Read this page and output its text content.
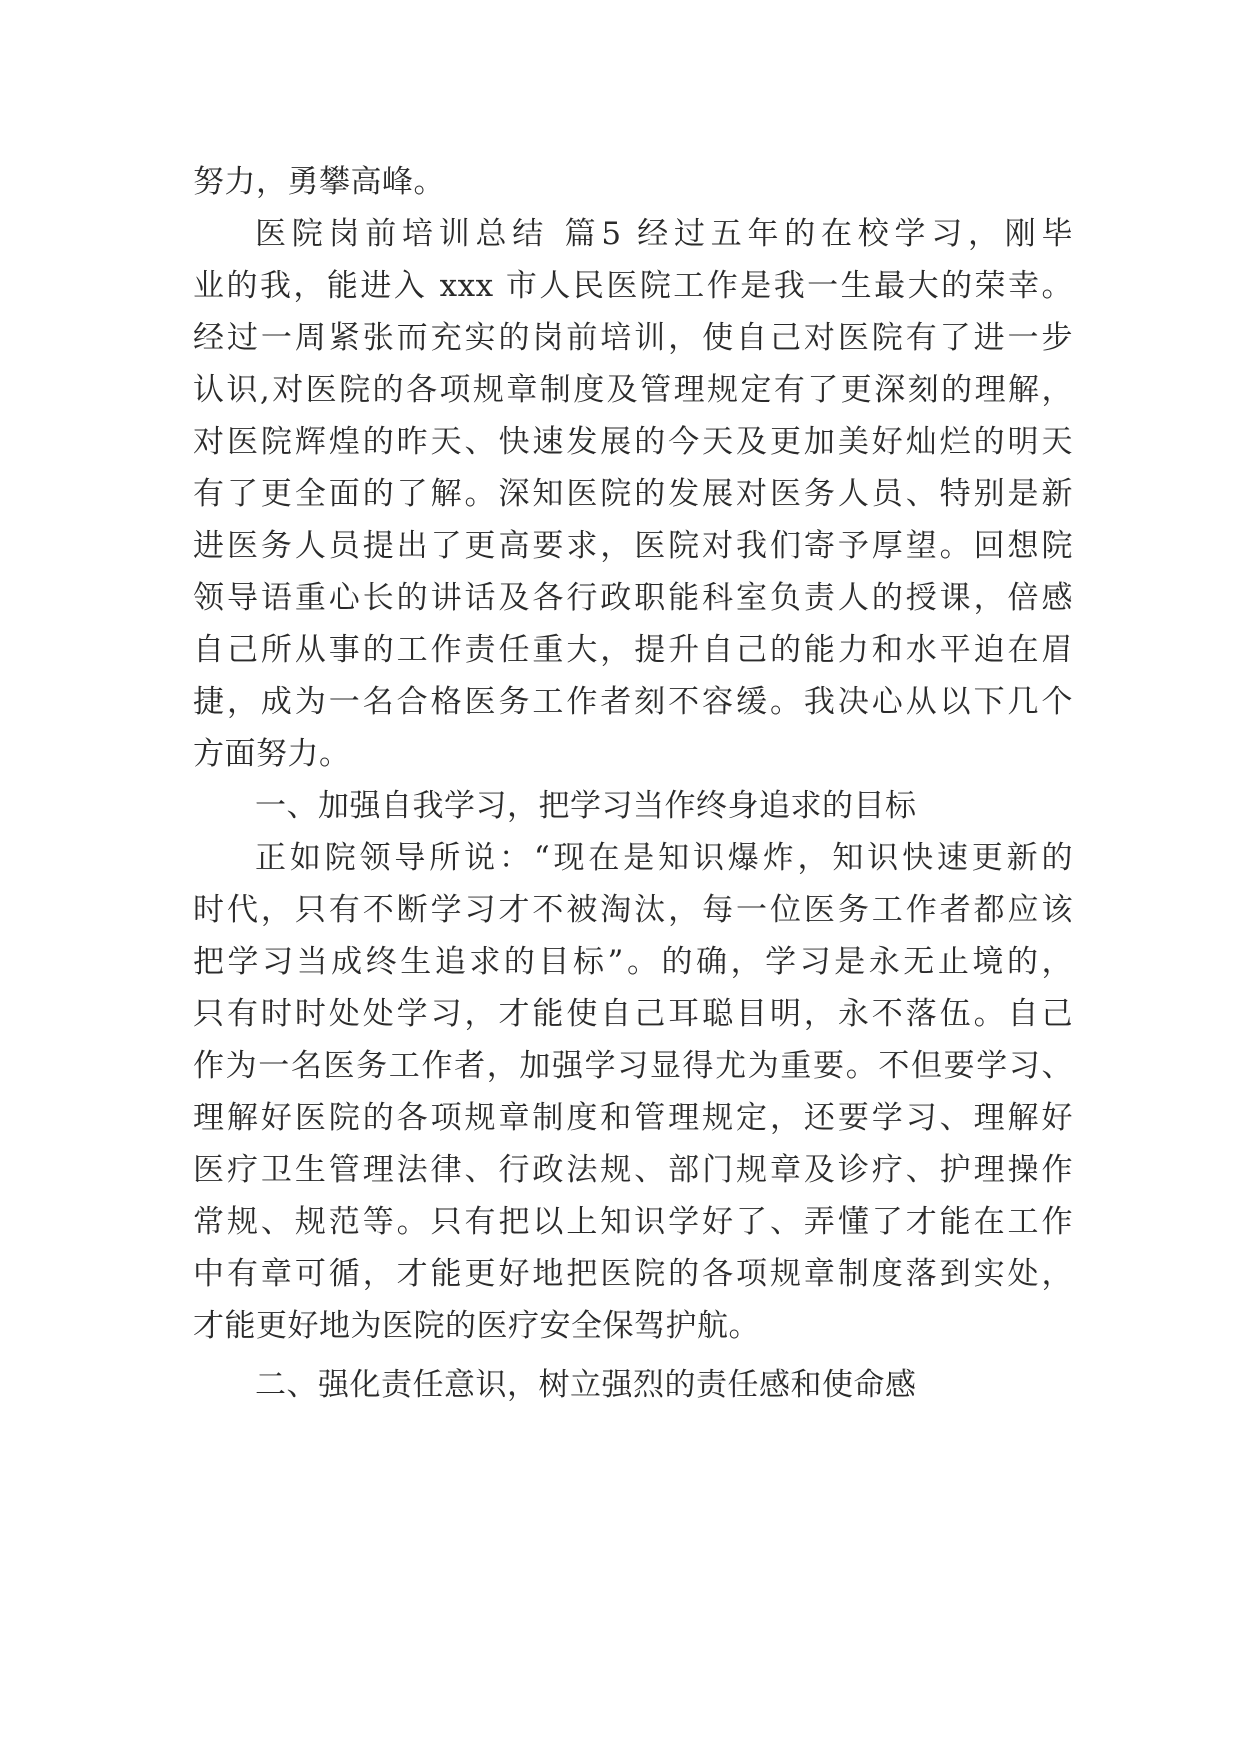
努力，勇攀高峰。
医院岗前培训总结 篇5 经过五年的在校学习，刚毕
业的我，能进入 xxx 市人民医院工作是我一生最大的荣幸。
经过一周紧张而充实的岗前培训，使自己对医院有了进一步
认识,对医院的各项规章制度及管理规定有了更深刻的理解，
对医院辉煌的昨天、快速发展的今天及更加美好灿烂的明天
有了更全面的了解。深知医院的发展对医务人员、特别是新
进医务人员提出了更高要求，医院对我们寄予厚望。回想院
领导语重心长的讲话及各行政职能科室负责人的授课，倍感
自己所从事的工作责任重大，提升自己的能力和水平迫在眉
捷，成为一名合格医务工作者刻不容缓。我决心从以下几个
方面努力。
一、加强自我学习，把学习当作终身追求的目标
正如院领导所说：“现在是知识爆炸，知识快速更新的
时代，只有不断学习才不被淘汰，每一位医务工作者都应该
把学习当成终生追求的目标”。的确，学习是永无止境的，
只有时时处处学习，才能使自己耳聪目明，永不落伍。自己
作为一名医务工作者，加强学习显得尤为重要。不但要学习、
理解好医院的各项规章制度和管理规定，还要学习、理解好
医疗卫生管理法律、行政法规、部门规章及诊疗、护理操作
常规、规范等。只有把以上知识学好了、弄懂了才能在工作
中有章可循，才能更好地把医院的各项规章制度落到实处，
才能更好地为医院的医疗安全保驾护航。
二、强化责任意识，树立强烈的责任感和使命感
